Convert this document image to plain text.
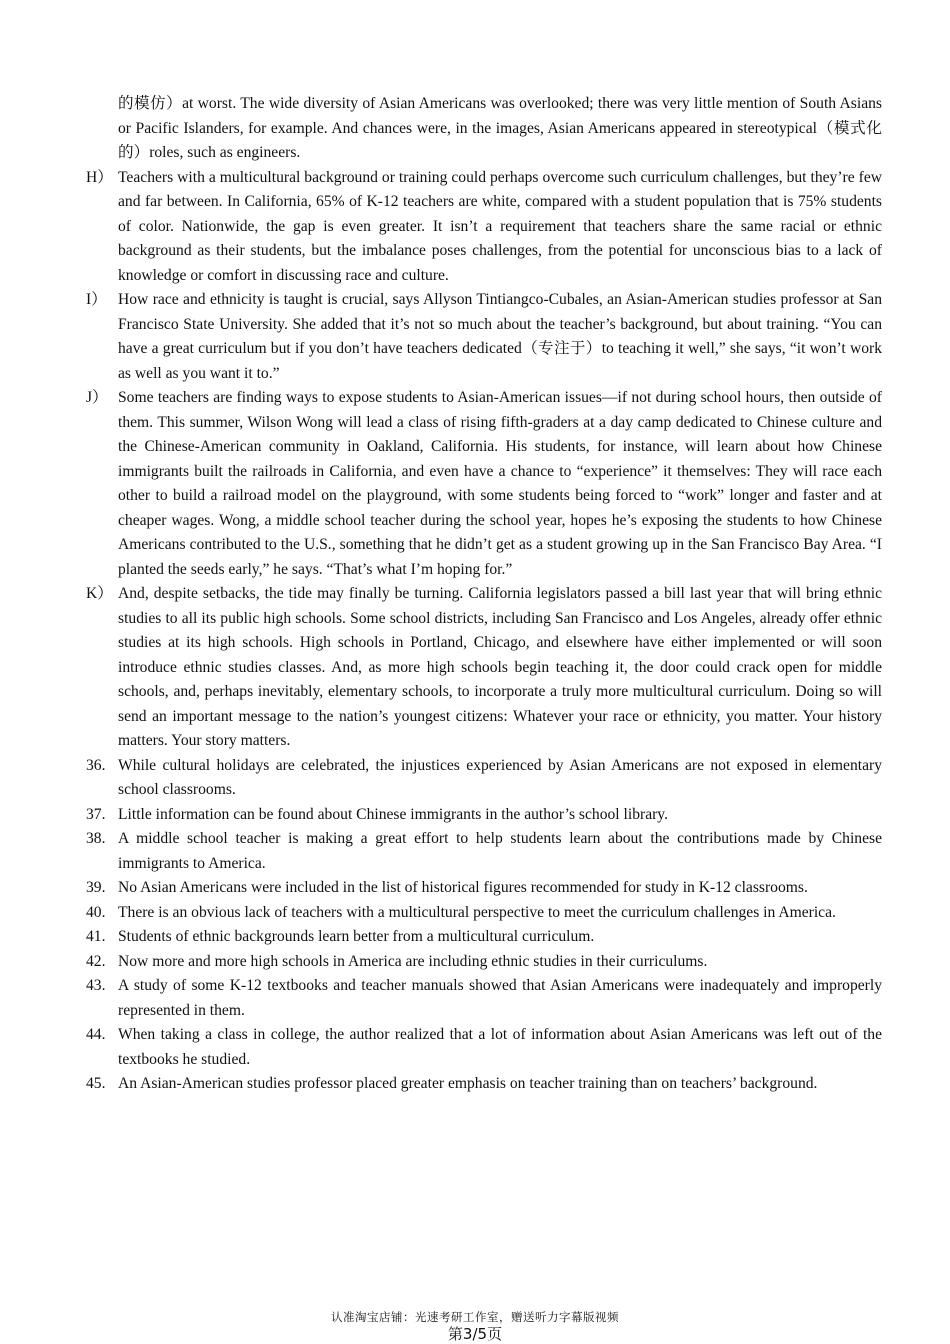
的模仿）at worst. The wide diversity of Asian Americans was overlooked; there was very little mention of South Asians or Pacific Islanders, for example. And chances were, in the images, Asian Americans appeared in stereotypical（模式化的）roles, such as engineers.
H） Teachers with a multicultural background or training could perhaps overcome such curriculum challenges, but they’re few and far between. In California, 65% of K-12 teachers are white, compared with a student population that is 75% students of color. Nationwide, the gap is even greater. It isn’t a requirement that teachers share the same racial or ethnic background as their students, but the imbalance poses challenges, from the potential for unconscious bias to a lack of knowledge or comfort in discussing race and culture.
I） How race and ethnicity is taught is crucial, says Allyson Tintiangco-Cubales, an Asian-American studies professor at San Francisco State University. She added that it’s not so much about the teacher’s background, but about training. “You can have a great curriculum but if you don’t have teachers dedicated（专注于）to teaching it well,” she says, “it won’t work as well as you want it to.”
J） Some teachers are finding ways to expose students to Asian-American issues—if not during school hours, then outside of them. This summer, Wilson Wong will lead a class of rising fifth-graders at a day camp dedicated to Chinese culture and the Chinese-American community in Oakland, California. His students, for instance, will learn about how Chinese immigrants built the railroads in California, and even have a chance to “experience” it themselves: They will race each other to build a railroad model on the playground, with some students being forced to “work” longer and faster and at cheaper wages. Wong, a middle school teacher during the school year, hopes he’s exposing the students to how Chinese Americans contributed to the U.S., something that he didn’t get as a student growing up in the San Francisco Bay Area. “I planted the seeds early,” he says. “That’s what I’m hoping for.”
K） And, despite setbacks, the tide may finally be turning. California legislators passed a bill last year that will bring ethnic studies to all its public high schools. Some school districts, including San Francisco and Los Angeles, already offer ethnic studies at its high schools. High schools in Portland, Chicago, and elsewhere have either implemented or will soon introduce ethnic studies classes. And, as more high schools begin teaching it, the door could crack open for middle schools, and, perhaps inevitably, elementary schools, to incorporate a truly more multicultural curriculum. Doing so will send an important message to the nation’s youngest citizens: Whatever your race or ethnicity, you matter. Your history matters. Your story matters.
36. While cultural holidays are celebrated, the injustices experienced by Asian Americans are not exposed in elementary school classrooms.
37. Little information can be found about Chinese immigrants in the author’s school library.
38. A middle school teacher is making a great effort to help students learn about the contributions made by Chinese immigrants to America.
39. No Asian Americans were included in the list of historical figures recommended for study in K-12 classrooms.
40. There is an obvious lack of teachers with a multicultural perspective to meet the curriculum challenges in America.
41. Students of ethnic backgrounds learn better from a multicultural curriculum.
42. Now more and more high schools in America are including ethnic studies in their curriculums.
43. A study of some K-12 textbooks and teacher manuals showed that Asian Americans were inadequately and improperly represented in them.
44. When taking a class in college, the author realized that a lot of information about Asian Americans was left out of the textbooks he studied.
45. An Asian-American studies professor placed greater emphasis on teacher training than on teachers’ background.
认准淘宝店铺：光速考研工作室，赠送听力字幕版视频
第3/5页
